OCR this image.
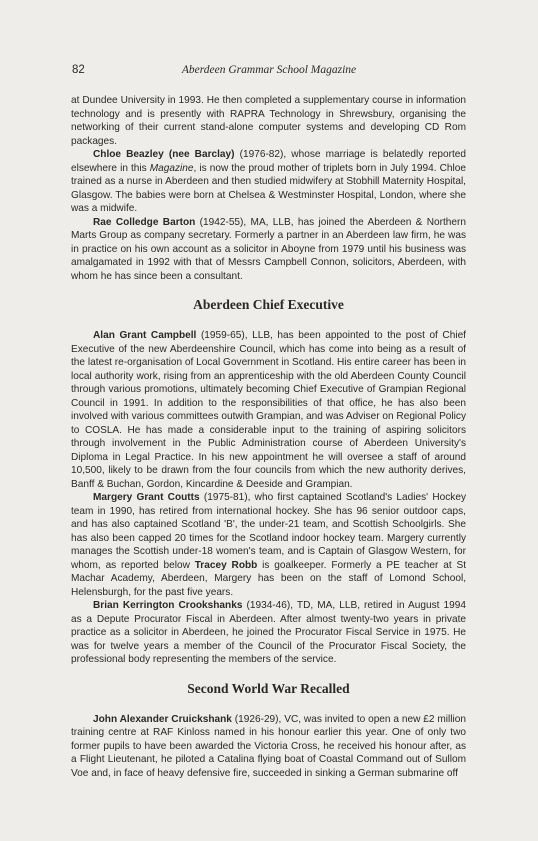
82	Aberdeen Grammar School Magazine

at Dundee University in 1993. He then completed a supplementary course in information technology and is presently with RAPRA Technology in Shrewsbury, organising the networking of their current stand-alone computer systems and developing CD Rom packages.

Chloe Beazley (nee Barclay) (1976-82), whose marriage is belatedly reported elsewhere in this Magazine, is now the proud mother of triplets born in July 1994. Chloe trained as a nurse in Aberdeen and then studied midwifery at Stobhill Maternity Hospital, Glasgow. The babies were born at Chelsea & Westminster Hospital, London, where she was a midwife.

Rae Colledge Barton (1942-55), MA, LLB, has joined the Aberdeen & Northern Marts Group as company secretary. Formerly a partner in an Aberdeen law firm, he was in practice on his own account as a solicitor in Aboyne from 1979 until his business was amalgamated in 1992 with that of Messrs Campbell Connon, solicitors, Aberdeen, with whom he has since been a consultant.

Aberdeen Chief Executive

Alan Grant Campbell (1959-65), LLB, has been appointed to the post of Chief Executive of the new Aberdeenshire Council, which has come into being as a result of the latest re-organisation of Local Government in Scotland. His entire career has been in local authority work, rising from an apprenticeship with the old Aberdeen County Council through various promotions, ultimately becoming Chief Executive of Grampian Regional Council in 1991. In addition to the responsibilities of that office, he has also been involved with various committees outwith Grampian, and was Adviser on Regional Policy to COSLA. He has made a considerable input to the training of aspiring solicitors through involvement in the Public Administration course of Aberdeen University's Diploma in Legal Practice. In his new appointment he will oversee a staff of around 10,500, likely to be drawn from the four councils from which the new authority derives, Banff & Buchan, Gordon, Kincardine & Deeside and Grampian.

Margery Grant Coutts (1975-81), who first captained Scotland's Ladies' Hockey team in 1990, has retired from international hockey. She has 96 senior outdoor caps, and has also captained Scotland 'B', the under-21 team, and Scottish Schoolgirls. She has also been capped 20 times for the Scotland indoor hockey team. Margery currently manages the Scottish under-18 women's team, and is Captain of Glasgow Western, for whom, as reported below Tracey Robb is goalkeeper. Formerly a PE teacher at St Machar Academy, Aberdeen, Margery has been on the staff of Lomond School, Helensburgh, for the past five years.

Brian Kerrington Crookshanks (1934-46), TD, MA, LLB, retired in August 1994 as a Depute Procurator Fiscal in Aberdeen. After almost twenty-two years in private practice as a solicitor in Aberdeen, he joined the Procurator Fiscal Service in 1975. He was for twelve years a member of the Council of the Procurator Fiscal Society, the professional body representing the members of the service.

Second World War Recalled

John Alexander Cruickshank (1926-29), VC, was invited to open a new £2 million training centre at RAF Kinloss named in his honour earlier this year. One of only two former pupils to have been awarded the Victoria Cross, he received his honour after, as a Flight Lieutenant, he piloted a Catalina flying boat of Coastal Command out of Sullom Voe and, in face of heavy defensive fire, succeeded in sinking a German submarine off
